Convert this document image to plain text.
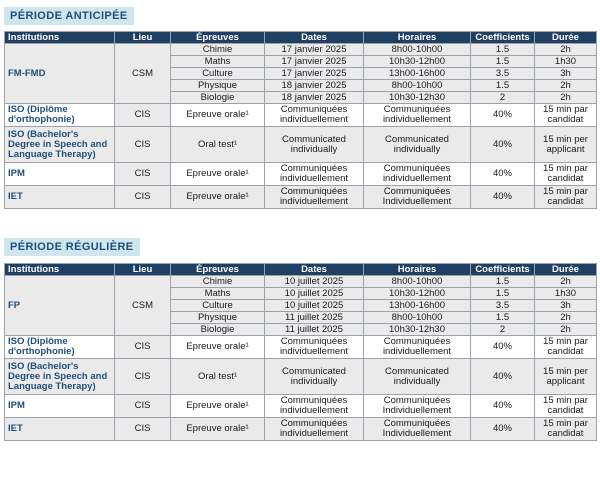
PÉRIODE ANTICIPÉE
Institutions	Lieu	Épreuves	Dates	Horaires	Coefficients	Durée
FM-FMD	CSM	Chimie	17 janvier 2025	8h00-10h00	1.5	2h
		Maths	17 janvier 2025	10h30-12h00	1.5	1h30
		Culture	17 janvier 2025	13h00-16h00	3.5	3h
		Physique	18 janvier 2025	8h00-10h00	1.5	2h
		Biologie	18 janvier 2025	10h30-12h30	2	2h
ISO (Diplôme d'orthophonie)	CIS	Epreuve orale¹	Communiquées individuellement	Communiquées individuellement	40%	15 min par candidat
ISO (Bachelor's Degree in Speech and Language Therapy)	CIS	Oral test¹	Communicated individually	Communicated individually	40%	15 min per applicant
IPM	CIS	Epreuve orale¹	Communiquées individuellement	Communiquées individuellement	40%	15 min par candidat
IET	CIS	Epreuve orale¹	Communiquées individuellement	Communiquées Individuellement	40%	15 min par candidat
PÉRIODE RÉGULIÈRE
Institutions	Lieu	Épreuves	Dates	Horaires	Coefficients	Durée
FP	CSM	Chimie	10 juillet 2025	8h00-10h00	1.5	2h
		Maths	10 juillet 2025	10h30-12h00	1.5	1h30
		Culture	10 juillet 2025	13h00-16h00	3.5	3h
		Physique	11 juillet 2025	8h00-10h00	1.5	2h
		Biologie	11 juillet 2025	10h30-12h30	2	2h
ISO (Diplôme d'orthophonie)	CIS	Epreuve orale¹	Communiquées individuellement	Communiquées individuellement	40%	15 min par candidat
ISO (Bachelor's Degree in Speech and Language Therapy)	CIS	Oral test¹	Communicated individually	Communicated individually	40%	15 min per applicant
IPM	CIS	Epreuve orale¹	Communiquées individuellement	Communiquées Individuellement	40%	15 min par candidat
IET	CIS	Epreuve orale¹	Communiquées individuellement	Communiquées Individuellement	40%	15 min par candidat
